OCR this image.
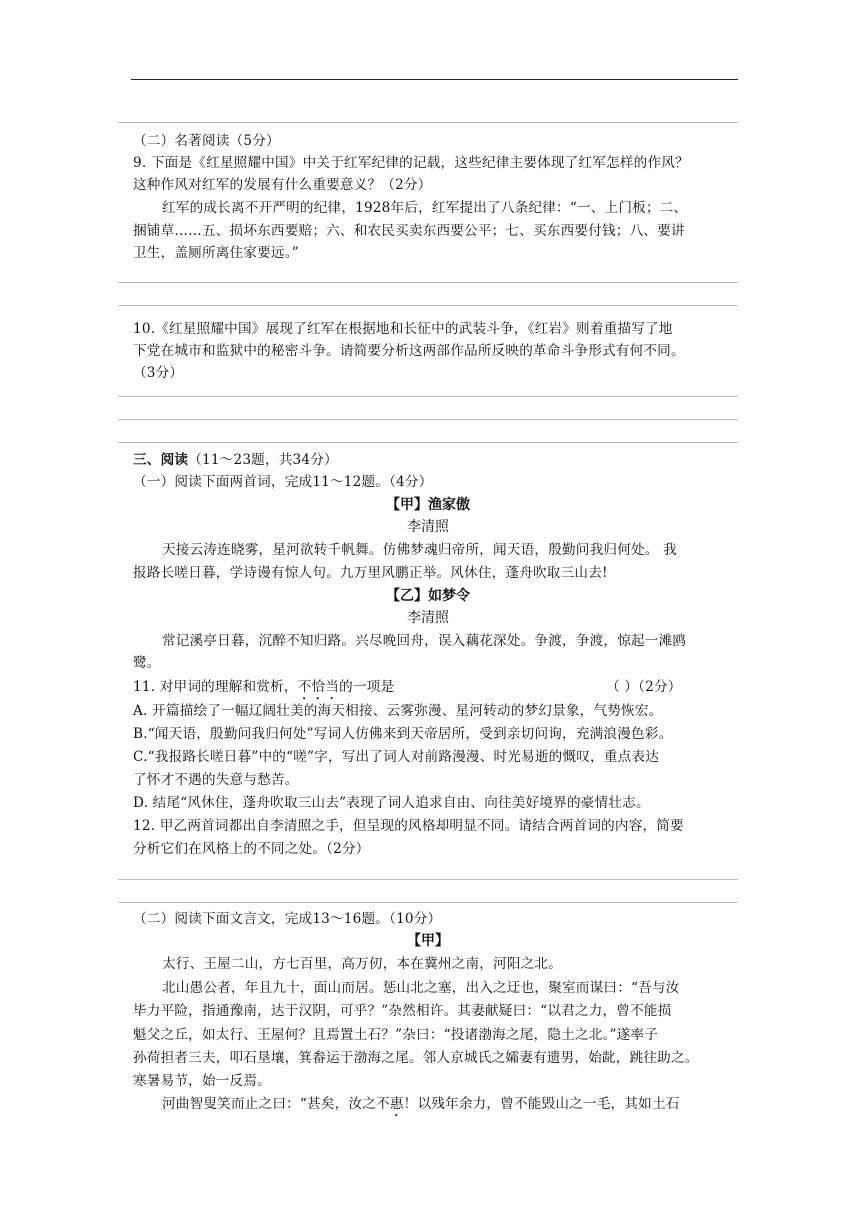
（二）名著阅读（5分）
9. 下面是《红星照耀中国》中关于红军纪律的记载，这些纪律主要体现了红军怎样的作风？
这种作风对红军的发展有什么重要意义？（2分）
红军的成长离不开严明的纪律，1928年后，红军提出了八条纪律：“一、上门板；二、
捆铺草……五、损坏东西要赔；六、和农民买卖东西要公平；七、买东西要付钱；八、要讲
卫生，盖厕所离住家要远。”
10.《红星照耀中国》展现了红军在根据地和长征中的武装斗争，《红岩》则着重描写了地
下党在城市和监狱中的秘密斗争。请简要分析这两部作品所反映的革命斗争形式有何不同。
（3分）
三、阅读（11～23题，共34分）
（一）阅读下面两首词，完成11～12题。（4分）
【甲】渔家傲
李清照
天接云涛连晓雾，星河欲转千帆舞。仿佛梦魂归帝所，闻天语，殷勤问我归何处。 我
报路长嗟日暮，学诗谩有惊人句。九万里风鹏正举。风休住，蓬舟吹取三山去!
【乙】如梦令
李清照
常记溪亭日暮，沉醉不知归路。兴尽晚回舟，误入藕花深处。争渡，争渡，惊起一滩鸥
鹭。
11. 对甲词的理解和赏析，不恰当的一项是	（ ）（2分）
A. 开篇描绘了一幅辽阔壮美的海天相接、云雾弥漫、星河转动的梦幻景象，气势恢宏。
B.“闻天语，殷勤问我归何处”写词人仿佛来到天帝居所，受到亲切问询，充满浪漫色彩。
C.“我报路长嗟日暮”中的“嗟”字，写出了词人对前路漫漫、时光易逝的慨叹，重点表达
了怀才不遇的失意与愁苦。
D. 结尾“风休住，蓬舟吹取三山去”表现了词人追求自由、向往美好境界的豪情壮志。
12. 甲乙两首词都出自李清照之手，但呈现的风格却明显不同。请结合两首词的内容，简要
分析它们在风格上的不同之处。（2分）
（二）阅读下面文言文，完成13～16题。（10分）
【甲】
太行、王屋二山，方七百里，高万仞，本在冀州之南，河阳之北。
北山愚公者，年且九十，面山而居。惩山北之塞，出入之迂也，聚室而谋曰：“吾与汝
毕力平险，指通豫南，达于汉阴，可乎？”杂然相许。其妻献疑曰：“以君之力，曾不能损
魁父之丘，如太行、王屋何？且焉置土石？”杂曰：“投诸渤海之尾，隐土之北。”遂率子
孙荷担者三夫，叩石垦壤，箕畚运于渤海之尾。邻人京城氏之孀妻有遗男，始龀，跳往助之。
寒暑易节，始一反焉。
河曲智叟笑而止之曰：“甚矣，汝之不惠！以残年余力，曾不能毁山之一毛，其如土石
